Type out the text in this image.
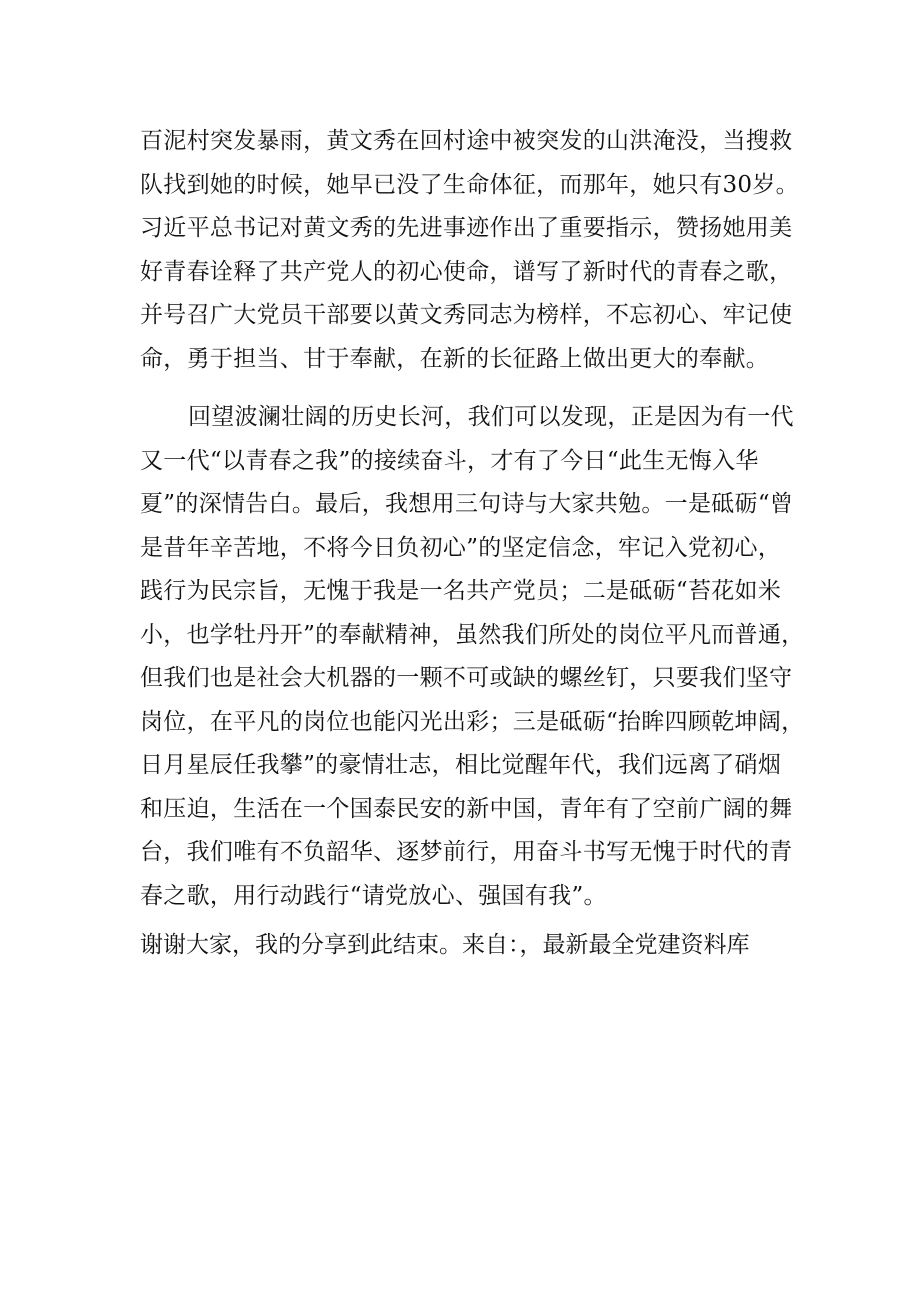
百泥村突发暴雨，黄文秀在回村途中被突发的山洪淹没，当搜救
队找到她的时候，她早已没了生命体征，而那年，她只有30岁。
习近平总书记对黄文秀的先进事迹作出了重要指示，赞扬她用美
好青春诠释了共产党人的初心使命，谱写了新时代的青春之歌，
并号召广大党员干部要以黄文秀同志为榜样，不忘初心、牢记使
命，勇于担当、甘于奉献，在新的长征路上做出更大的奉献。
回望波澜壮阔的历史长河，我们可以发现，正是因为有一代
又一代“以青春之我”的接续奋斗，才有了今日“此生无悔入华
夏”的深情告白。最后，我想用三句诗与大家共勉。一是砥砺“曾
是昔年辛苦地，不将今日负初心”的坚定信念，牢记入党初心，
践行为民宗旨，无愧于我是一名共产党员；二是砥砺“苔花如米
小，也学牡丹开”的奉献精神，虽然我们所处的岗位平凡而普通，
但我们也是社会大机器的一颗不可或缺的螺丝钉，只要我们坚守
岗位，在平凡的岗位也能闪光出彩；三是砥砺“抬眸四顾乾坤阔，
日月星辰任我攀”的豪情壮志，相比觉醒年代，我们远离了硝烟
和压迫，生活在一个国泰民安的新中国，青年有了空前广阔的舞
台，我们唯有不负韶华、逐梦前行，用奋斗书写无愧于时代的青
春之歌，用行动践行“请党放心、强国有我”。
谢谢大家，我的分享到此结束。来自：，最新最全党建资料库
